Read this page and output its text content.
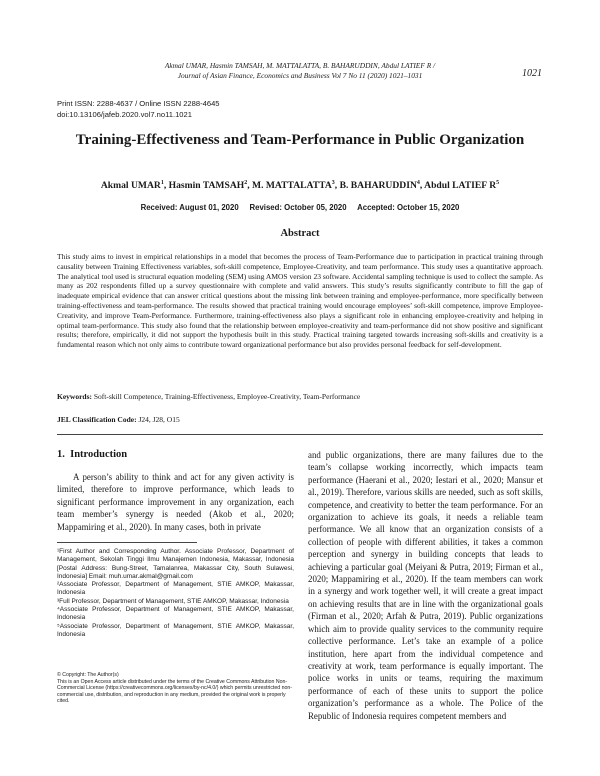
Akmal UMAR, Hasmin TAMSAH, M. MATTALATTA, B. BAHARUDDIN, Abdul LATIEF R /
Journal of Asian Finance, Economics and Business Vol 7 No 11 (2020) 1021–1031	1021
Print ISSN: 2288-4637 / Online ISSN 2288-4645
doi:10.13106/jafeb.2020.vol7.no11.1021
Training-Effectiveness and Team-Performance in Public Organization
Akmal UMAR$^1$, Hasmin TAMSAH$^2$, M. MATTALATTA$^3$, B. BAHARUDDIN$^4$, Abdul LATIEF $R^5$
Received: August 01, 2020     Revised: October 05, 2020     Accepted: October 15, 2020
Abstract
This study aims to invest in empirical relationships in a model that becomes the process of Team-Performance due to participation in practical training through causality between Training Effectiveness variables, soft-skill competence, Employee-Creativity, and team performance. This study uses a quantitative approach. The analytical tool used is structural equation modeling (SEM) using AMOS version 23 software. Accidental sampling technique is used to collect the sample. As many as 202 respondents filled up a survey questionnaire with complete and valid answers. This study’s results significantly contribute to fill the gap of inadequate empirical evidence that can answer critical questions about the missing link between training and employee-performance, more specifically between training-effectiveness and team-performance. The results showed that practical training would encourage employees’ soft-skill competence, improve Employee-Creativity, and improve Team-Performance. Furthermore, training-effectiveness also plays a significant role in enhancing employee-creativity and helping in optimal team-performance. This study also found that the relationship between employee-creativity and team-performance did not show positive and significant results; therefore, empirically, it did not support the hypothesis built in this study. Practical training targeted towards increasing soft-skills and creativity is a fundamental reason which not only aims to contribute toward organizational performance but also provides personal feedback for self-development.
Keywords: Soft-skill Competence, Training-Effectiveness, Employee-Creativity, Team-Performance
JEL Classification Code: J24, J28, O15
1.  Introduction
A person’s ability to think and act for any given activity is limited, therefore to improve performance, which leads to significant performance improvement in any organization, each team member’s synergy is needed (Akob et al., 2020; Mappamiring et al., 2020). In many cases, both in private

¹First Author and Corresponding Author. Associate Professor, Department of Management, Sekolah Tinggi Ilmu Manajemen Indonesia, Makassar, Indonesia [Postal Address: Bung-Street, Tamalanrea, Makassar City, South Sulawesi, Indonesia] Email: muh.umar.akmal@gmail.com

²Associate Professor, Department of Management, STIE AMKOP, Makassar, Indonesia

³Full Professor, Department of Management, STIE AMKOP, Makassar, Indonesia

⁴Associate Professor, Department of Management, STIE AMKOP, Makassar, Indonesia

⁵Associate Professor, Department of Management, STIE AMKOP, Makassar, Indonesia

© Copyright: The Author(s)
This is an Open Access article distributed under the terms of the Creative Commons Attribution Non-Commercial License (https://creativecommons.org/licenses/by-nc/4.0/) which permits unrestricted non-commercial use, distribution, and reproduction in any medium, provided the original work is properly cited.
and public organizations, there are many failures due to the team’s collapse working incorrectly, which impacts team performance (Haerani et al., 2020; Iestari et al., 2020; Mansur et al., 2019). Therefore, various skills are needed, such as soft skills, competence, and creativity to better the team performance. For an organization to achieve its goals, it needs a reliable team performance. We all know that an organization consists of a collection of people with different abilities, it takes a common perception and synergy in building concepts that leads to achieving a particular goal (Meiyani & Putra, 2019; Firman et al., 2020; Mappamiring et al., 2020). If the team members can work in a synergy and work together well, it will create a great impact on achieving results that are in line with the organizational goals (Firman et al., 2020; Arfah & Putra, 2019). Public organizations which aim to provide quality services to the community require collective performance. Let’s take an example of a police institution, here apart from the individual competence and creativity at work, team performance is equally important. The police works in units or teams, requiring the maximum performance of each of these units to support the police organization’s performance as a whole. The Police of the Republic of Indonesia requires competent members and
